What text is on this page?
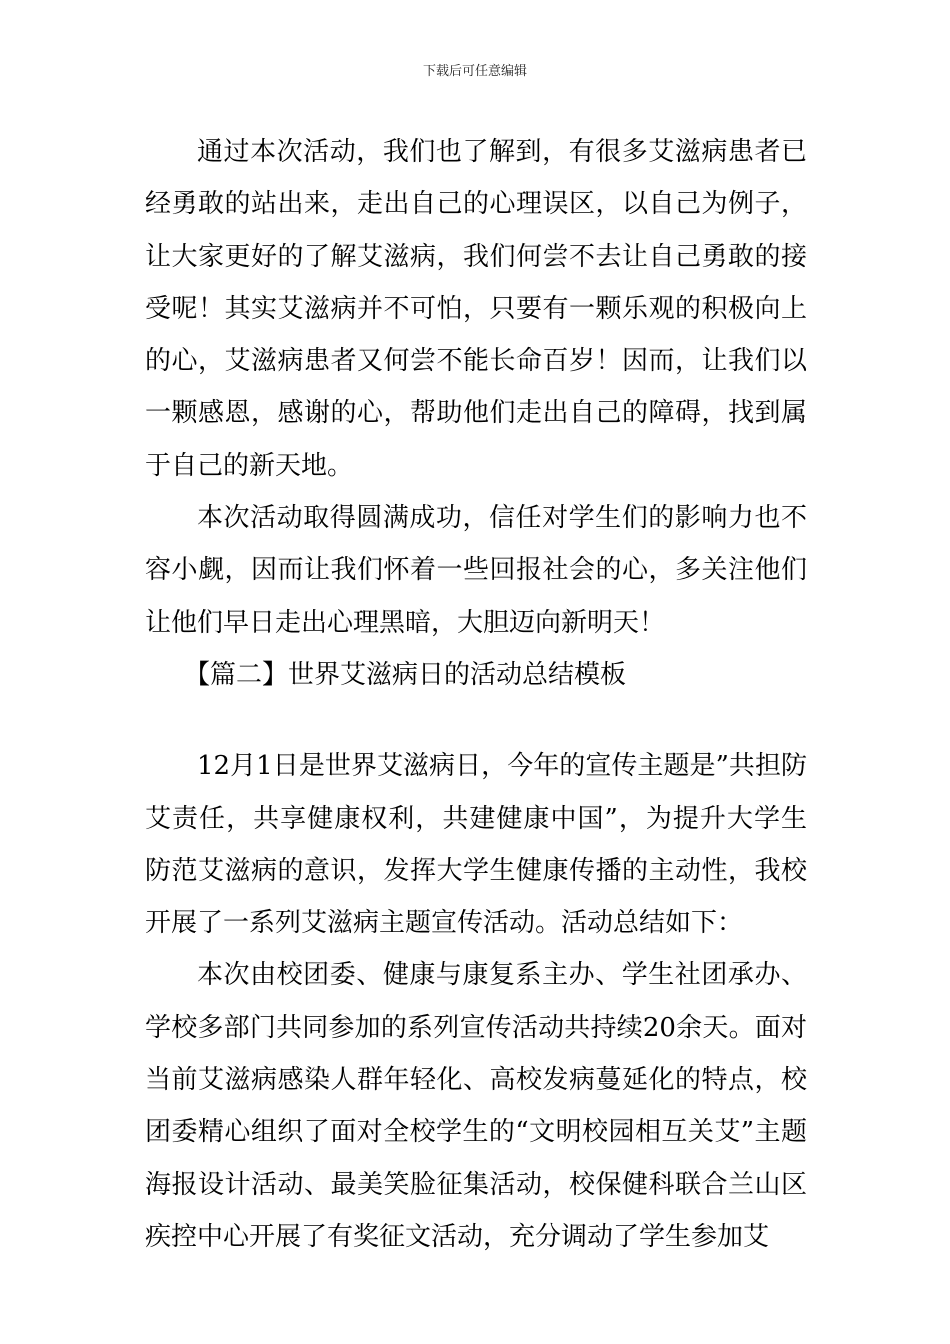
下载后可任意编辑

通过本次活动，我们也了解到，有很多艾滋病患者已经勇敢的站出来，走出自己的心理误区，以自己为例子，让大家更好的了解艾滋病，我们何尝不去让自己勇敢的接受呢！其实艾滋病并不可怕，只要有一颗乐观的积极向上的心，艾滋病患者又何尝不能长命百岁！因而，让我们以一颗感恩，感谢的心，帮助他们走出自己的障碍，找到属于自己的新天地。

本次活动取得圆满成功，信任对学生们的影响力也不容小觑，因而让我们怀着一些回报社会的心，多关注他们让他们早日走出心理黑暗，大胆迈向新明天！

【篇二】世界艾滋病日的活动总结模板

12月1日是世界艾滋病日，今年的宣传主题是”共担防艾责任，共享健康权利，共建健康中国”，为提升大学生防范艾滋病的意识，发挥大学生健康传播的主动性，我校开展了一系列艾滋病主题宣传活动。活动总结如下：

本次由校团委、健康与康复系主办、学生社团承办、学校多部门共同参加的系列宣传活动共持续20余天。面对当前艾滋病感染人群年轻化、高校发病蔓延化的特点，校团委精心组织了面对全校学生的“文明校园相互关艾”主题海报设计活动、最美笑脸征集活动，校保健科联合兰山区疾控中心开展了有奖征文活动，充分调动了学生参加艾
